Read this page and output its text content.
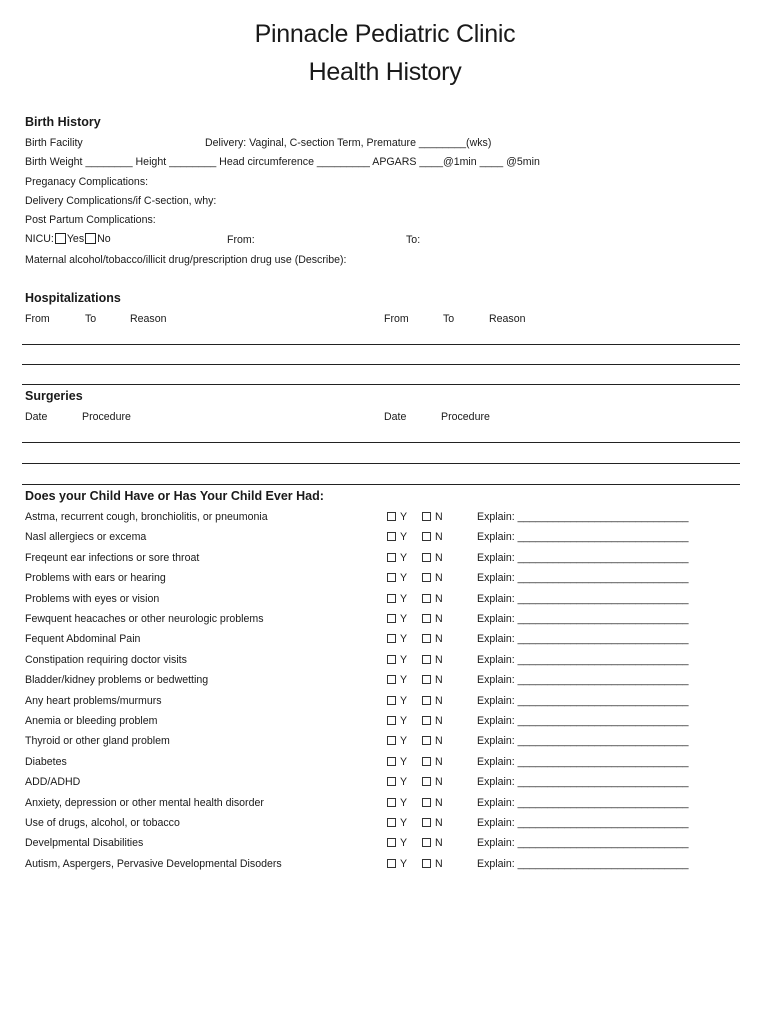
Pinnacle Pediatric Clinic
Health History
Birth History
Birth Facility	Delivery: Vaginal, C-section Term, Premature ________(wks)
Birth Weight ________ Height ________ Head circumference _________ APGARS ____@1min ____ @5min
Preganacy Complications:
Delivery Complications/if C-section, why:
Post Partum Complications:
NICU: Yes No	From:	To:
Maternal alcohol/tobacco/illicit drug/prescription drug use (Describe):
Hospitalizations
From	To	Reason	From	To	Reason
Surgeries
Date	Procedure	Date	Procedure
Does your Child Have or Has Your Child Ever Had:
Astma, recurrent cough, bronchiolitis, or pneumonia	Y	N	Explain: _____________________________
Nasl allergiecs or excema	Y	N	Explain: _____________________________
Freqeunt ear infections or sore throat	Y	N	Explain: _____________________________
Problems with ears or hearing	Y	N	Explain: _____________________________
Problems with eyes or vision	Y	N	Explain: _____________________________
Fewquent heacaches or other neurologic problems	Y	N	Explain: _____________________________
Fequent Abdominal Pain	Y	N	Explain: _____________________________
Constipation requiring doctor visits	Y	N	Explain: _____________________________
Bladder/kidney problems or bedwetting	Y	N	Explain: _____________________________
Any heart problems/murmurs	Y	N	Explain: _____________________________
Anemia or bleeding problem	Y	N	Explain: _____________________________
Thyroid or other gland problem	Y	N	Explain: _____________________________
Diabetes	Y	N	Explain: _____________________________
ADD/ADHD	Y	N	Explain: _____________________________
Anxiety, depression or other mental health disorder	Y	N	Explain: _____________________________
Use of drugs, alcohol, or tobacco	Y	N	Explain: _____________________________
Develpmental Disabilities	Y	N	Explain: _____________________________
Autism, Aspergers, Pervasive Developmental Disoders	Y	N	Explain: _____________________________
